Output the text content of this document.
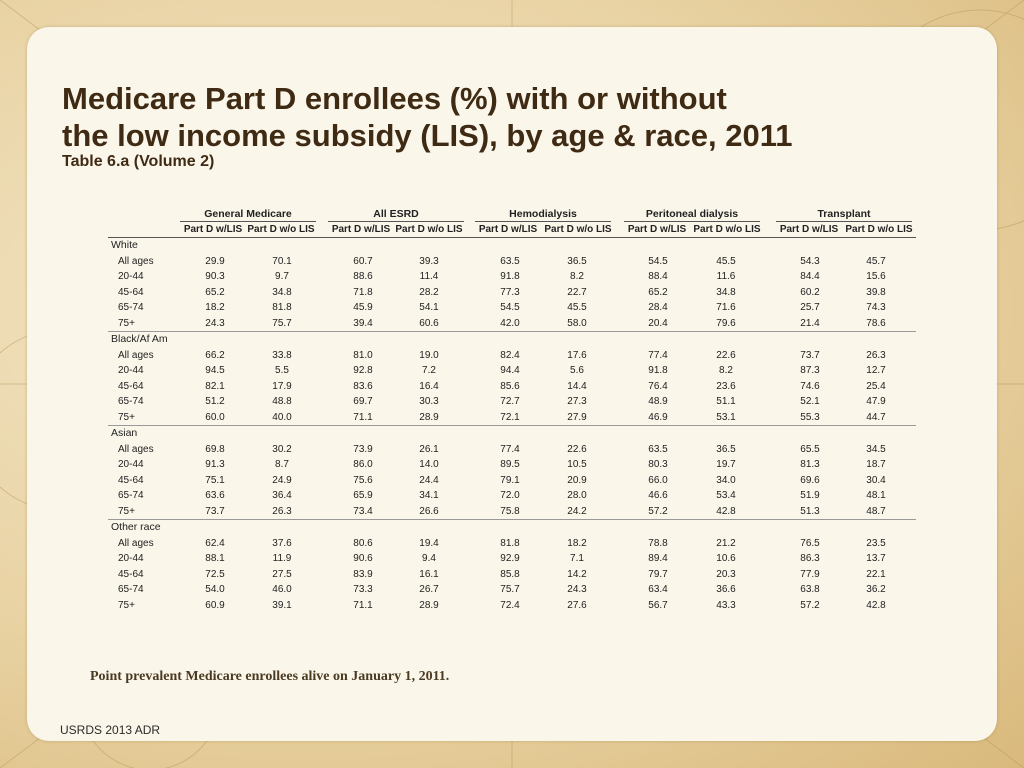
Medicare Part D enrollees (%) with or without
the low income subsidy (LIS), by age & race, 2011
Table 6.a (Volume 2)
General Medicare	All ESRD	Hemodialysis	Peritoneal dialysis	Transplant
Part D w/LIS Part D w/o LIS	Part D w/LIS Part D w/o LIS	Part D w/LIS Part D w/o LIS	Part D w/LIS Part D w/o LIS	Part D w/LIS Part D w/o LIS
White
All ages	29.9	70.1	60.7	39.3	63.5	36.5	54.5	45.5	54.3	45.7
20-44	90.3	9.7	88.6	11.4	91.8	8.2	88.4	11.6	84.4	15.6
45-64	65.2	34.8	71.8	28.2	77.3	22.7	65.2	34.8	60.2	39.8
65-74	18.2	81.8	45.9	54.1	54.5	45.5	28.4	71.6	25.7	74.3
75+	24.3	75.7	39.4	60.6	42.0	58.0	20.4	79.6	21.4	78.6
Black/Af Am
All ages	66.2	33.8	81.0	19.0	82.4	17.6	77.4	22.6	73.7	26.3
20-44	94.5	5.5	92.8	7.2	94.4	5.6	91.8	8.2	87.3	12.7
45-64	82.1	17.9	83.6	16.4	85.6	14.4	76.4	23.6	74.6	25.4
65-74	51.2	48.8	69.7	30.3	72.7	27.3	48.9	51.1	52.1	47.9
75+	60.0	40.0	71.1	28.9	72.1	27.9	46.9	53.1	55.3	44.7
Asian
All ages	69.8	30.2	73.9	26.1	77.4	22.6	63.5	36.5	65.5	34.5
20-44	91.3	8.7	86.0	14.0	89.5	10.5	80.3	19.7	81.3	18.7
45-64	75.1	24.9	75.6	24.4	79.1	20.9	66.0	34.0	69.6	30.4
65-74	63.6	36.4	65.9	34.1	72.0	28.0	46.6	53.4	51.9	48.1
75+	73.7	26.3	73.4	26.6	75.8	24.2	57.2	42.8	51.3	48.7
Other race
All ages	62.4	37.6	80.6	19.4	81.8	18.2	78.8	21.2	76.5	23.5
20-44	88.1	11.9	90.6	9.4	92.9	7.1	89.4	10.6	86.3	13.7
45-64	72.5	27.5	83.9	16.1	85.8	14.2	79.7	20.3	77.9	22.1
65-74	54.0	46.0	73.3	26.7	75.7	24.3	63.4	36.6	63.8	36.2
75+	60.9	39.1	71.1	28.9	72.4	27.6	56.7	43.3	57.2	42.8
Point prevalent Medicare enrollees alive on January 1, 2011.
USRDS 2013 ADR
